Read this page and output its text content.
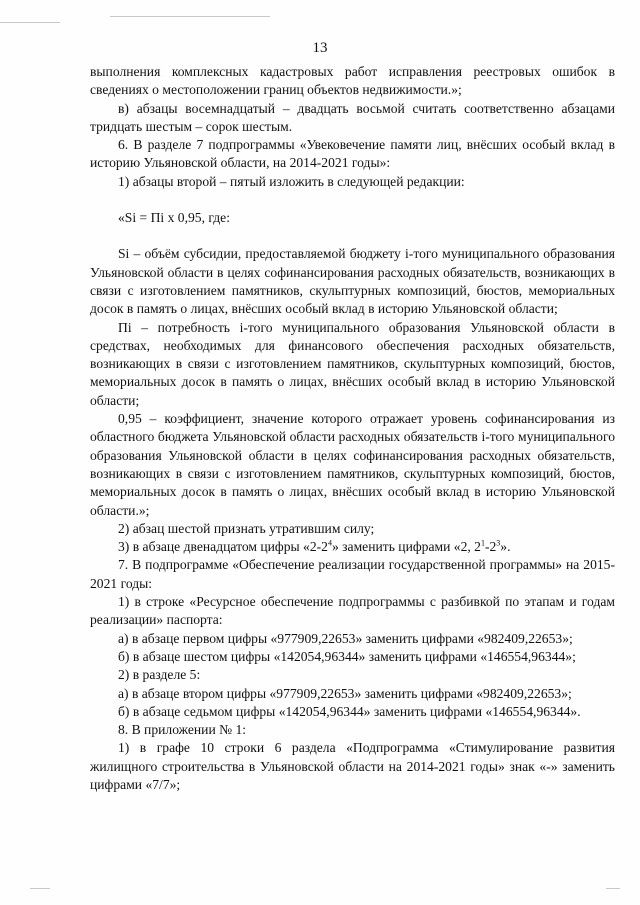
13

выполнения комплексных кадастровых работ исправления реестровых ошибок в сведениях о местоположении границ объектов недвижимости.»;

в) абзацы восемнадцатый – двадцать восьмой считать соответственно абзацами тридцать шестым – сорок шестым.

6. В разделе 7 подпрограммы «Увековечение памяти лиц, внёсших особый вклад в историю Ульяновской области, на 2014-2021 годы»:

1) абзацы второй – пятый изложить в следующей редакции:

«Si = Пi x 0,95, где:

Si – объём субсидии, предоставляемой бюджету i-того муниципального образования Ульяновской области в целях софинансирования расходных обязательств, возникающих в связи с изготовлением памятников, скульптурных композиций, бюстов, мемориальных досок в память о лицах, внёсших особый вклад в историю Ульяновской области;

Пi – потребность i-того муниципального образования Ульяновской области в средствах, необходимых для финансового обеспечения расходных обязательств, возникающих в связи с изготовлением памятников, скульптурных композиций, бюстов, мемориальных досок в память о лицах, внёсших особый вклад в историю Ульяновской области;

0,95 – коэффициент, значение которого отражает уровень софинансирования из областного бюджета Ульяновской области расходных обязательств i-того муниципального образования Ульяновской области в целях софинансирования расходных обязательств, возникающих в связи с изготовлением памятников, скульптурных композиций, бюстов, мемориальных досок в память о лицах, внёсших особый вклад в историю Ульяновской области.»;

2) абзац шестой признать утратившим силу;

3) в абзаце двенадцатом цифры «$2-2^4$» заменить цифрами «2, $2^1-2^3$».

7. В подпрограмме «Обеспечение реализации государственной программы» на 2015-2021 годы:

1) в строке «Ресурсное обеспечение подпрограммы с разбивкой по этапам и годам реализации» паспорта:

а) в абзаце первом цифры «977909,22653» заменить цифрами «982409,22653»;

б) в абзаце шестом цифры «142054,96344» заменить цифрами «146554,96344»;

2) в разделе 5:

а) в абзаце втором цифры «977909,22653» заменить цифрами «982409,22653»;

б) в абзаце седьмом цифры «142054,96344» заменить цифрами «146554,96344».

8. В приложении № 1:

1) в графе 10 строки 6 раздела «Подпрограмма «Стимулирование развития жилищного строительства в Ульяновской области на 2014-2021 годы» знак «-» заменить цифрами «7/7»;
